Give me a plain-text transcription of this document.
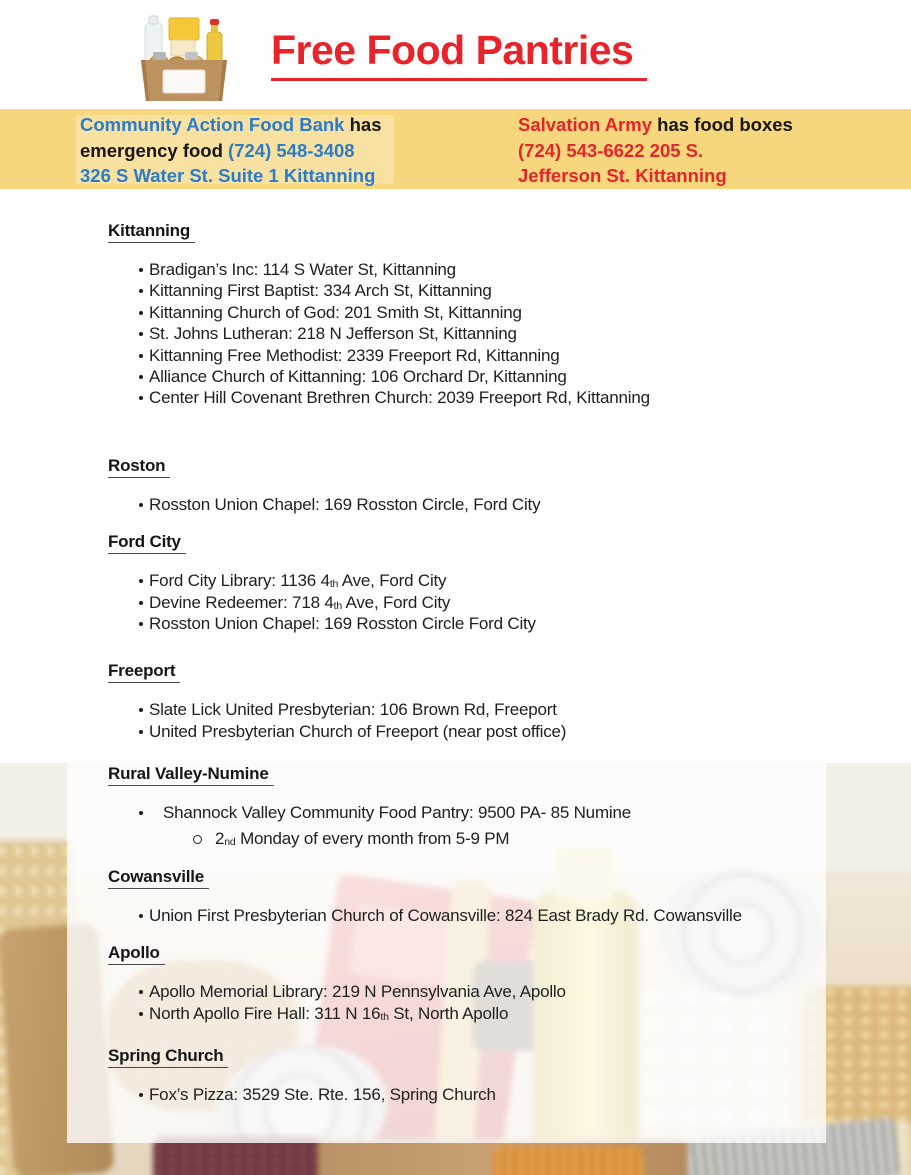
Free Food Pantries
Community Action Food Bank has
emergency food (724) 548-3408
326 S Water St. Suite 1 Kittanning
Salvation Army has food boxes
(724) 543-6622 205 S.
Jefferson St. Kittanning
Kittanning
Bradigan’s Inc: 114 S Water St, Kittanning
Kittanning First Baptist: 334 Arch St, Kittanning
Kittanning Church of God: 201 Smith St, Kittanning
St. Johns Lutheran: 218 N Jefferson St, Kittanning
Kittanning Free Methodist: 2339 Freeport Rd, Kittanning
Alliance Church of Kittanning: 106 Orchard Dr, Kittanning
Center Hill Covenant Brethren Church: 2039 Freeport Rd, Kittanning
Roston
Rosston Union Chapel: 169 Rosston Circle, Ford City
Ford City
Ford City Library: 1136 $4_{th}$ Ave, Ford City
Devine Redeemer: 718 $4_{th}$ Ave, Ford City
Rosston Union Chapel: 169 Rosston Circle Ford City
Freeport
Slate Lick United Presbyterian: 106 Brown Rd, Freeport
United Presbyterian Church of Freeport (near post office)
Rural Valley-Numine
Shannock Valley Community Food Pantry: 9500 PA- 85 Numine
$2_{nd}$ Monday of every month from 5-9 PM
Cowansville
Union First Presbyterian Church of Cowansville: 824 East Brady Rd. Cowansville
Apollo
Apollo Memorial Library: 219 N Pennsylvania Ave, Apollo
North Apollo Fire Hall: 311 N $16_{th}$ St, North Apollo
Spring Church
Fox’s Pizza: 3529 Ste. Rte. 156, Spring Church
